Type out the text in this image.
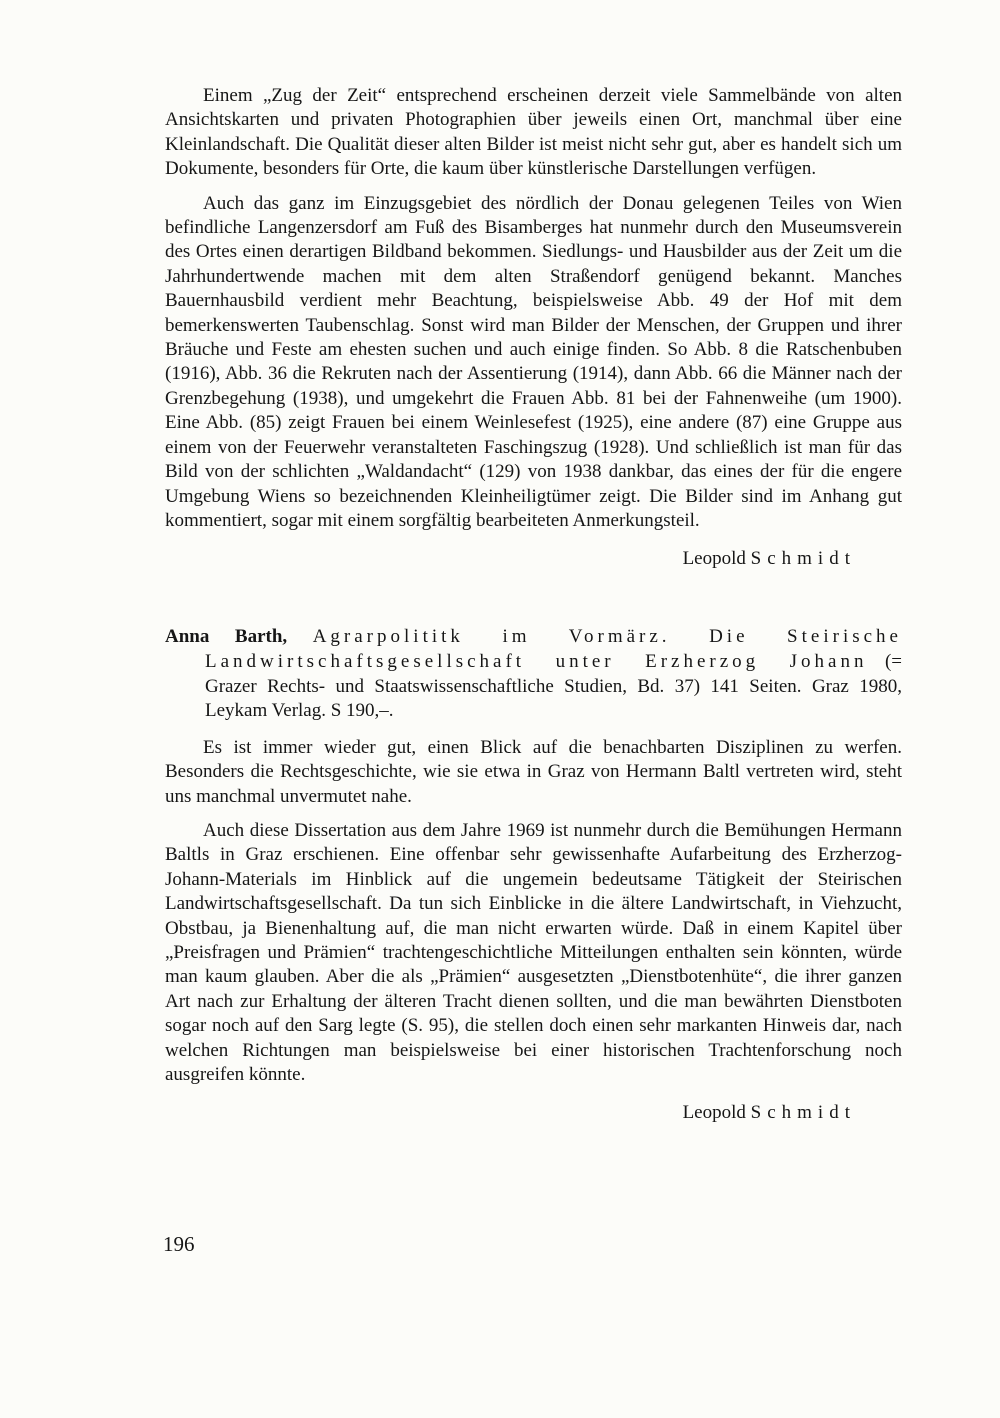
Einem „Zug der Zeit“ entsprechend erscheinen derzeit viele Sammelbände von alten Ansichtskarten und privaten Photographien über jeweils einen Ort, manchmal über eine Kleinlandschaft. Die Qualität dieser alten Bilder ist meist nicht sehr gut, aber es handelt sich um Dokumente, besonders für Orte, die kaum über künstlerische Darstellungen verfügen.

Auch das ganz im Einzugsgebiet des nördlich der Donau gelegenen Teiles von Wien befindliche Langenzersdorf am Fuß des Bisamberges hat nunmehr durch den Museumsverein des Ortes einen derartigen Bildband bekommen. Siedlungs- und Hausbilder aus der Zeit um die Jahrhundertwende machen mit dem alten Straßendorf genügend bekannt. Manches Bauernhausbild verdient mehr Beachtung, beispielsweise Abb. 49 der Hof mit dem bemerkenswerten Taubenschlag. Sonst wird man Bilder der Menschen, der Gruppen und ihrer Bräuche und Feste am ehesten suchen und auch einige finden. So Abb. 8 die Ratschenbuben (1916), Abb. 36 die Rekruten nach der Assentierung (1914), dann Abb. 66 die Männer nach der Grenzbegehung (1938), und umgekehrt die Frauen Abb. 81 bei der Fahnenweihe (um 1900). Eine Abb. (85) zeigt Frauen bei einem Weinlesefest (1925), eine andere (87) eine Gruppe aus einem von der Feuerwehr veranstalteten Faschingszug (1928). Und schließlich ist man für das Bild von der schlichten „Waldandacht“ (129) von 1938 dankbar, das eines der für die engere Umgebung Wiens so bezeichnenden Kleinheiligtümer zeigt. Die Bilder sind im Anhang gut kommentiert, sogar mit einem sorgfältig bearbeiteten Anmerkungsteil.

Leopold Schmidt

Anna Barth, Agrarpolititk im Vormärz. Die Steirische Landwirtschaftsgesellschaft unter Erzherzog Johann (= Grazer Rechts- und Staatswissenschaftliche Studien, Bd. 37) 141 Seiten. Graz 1980, Leykam Verlag. S 190,–.

Es ist immer wieder gut, einen Blick auf die benachbarten Disziplinen zu werfen. Besonders die Rechtsgeschichte, wie sie etwa in Graz von Hermann Baltl vertreten wird, steht uns manchmal unvermutet nahe.

Auch diese Dissertation aus dem Jahre 1969 ist nunmehr durch die Bemühungen Hermann Baltls in Graz erschienen. Eine offenbar sehr gewissenhafte Aufarbeitung des Erzherzog-Johann-Materials im Hinblick auf die ungemein bedeutsame Tätigkeit der Steirischen Landwirtschaftsgesellschaft. Da tun sich Einblicke in die ältere Landwirtschaft, in Viehzucht, Obstbau, ja Bienenhaltung auf, die man nicht erwarten würde. Daß in einem Kapitel über „Preisfragen und Prämien“ trachtengeschichtliche Mitteilungen enthalten sein könnten, würde man kaum glauben. Aber die als „Prämien“ ausgesetzten „Dienstbotenhüte“, die ihrer ganzen Art nach zur Erhaltung der älteren Tracht dienen sollten, und die man bewährten Dienstboten sogar noch auf den Sarg legte (S. 95), die stellen doch einen sehr markanten Hinweis dar, nach welchen Richtungen man beispielsweise bei einer historischen Trachtenforschung noch ausgreifen könnte.

Leopold Schmidt

196
